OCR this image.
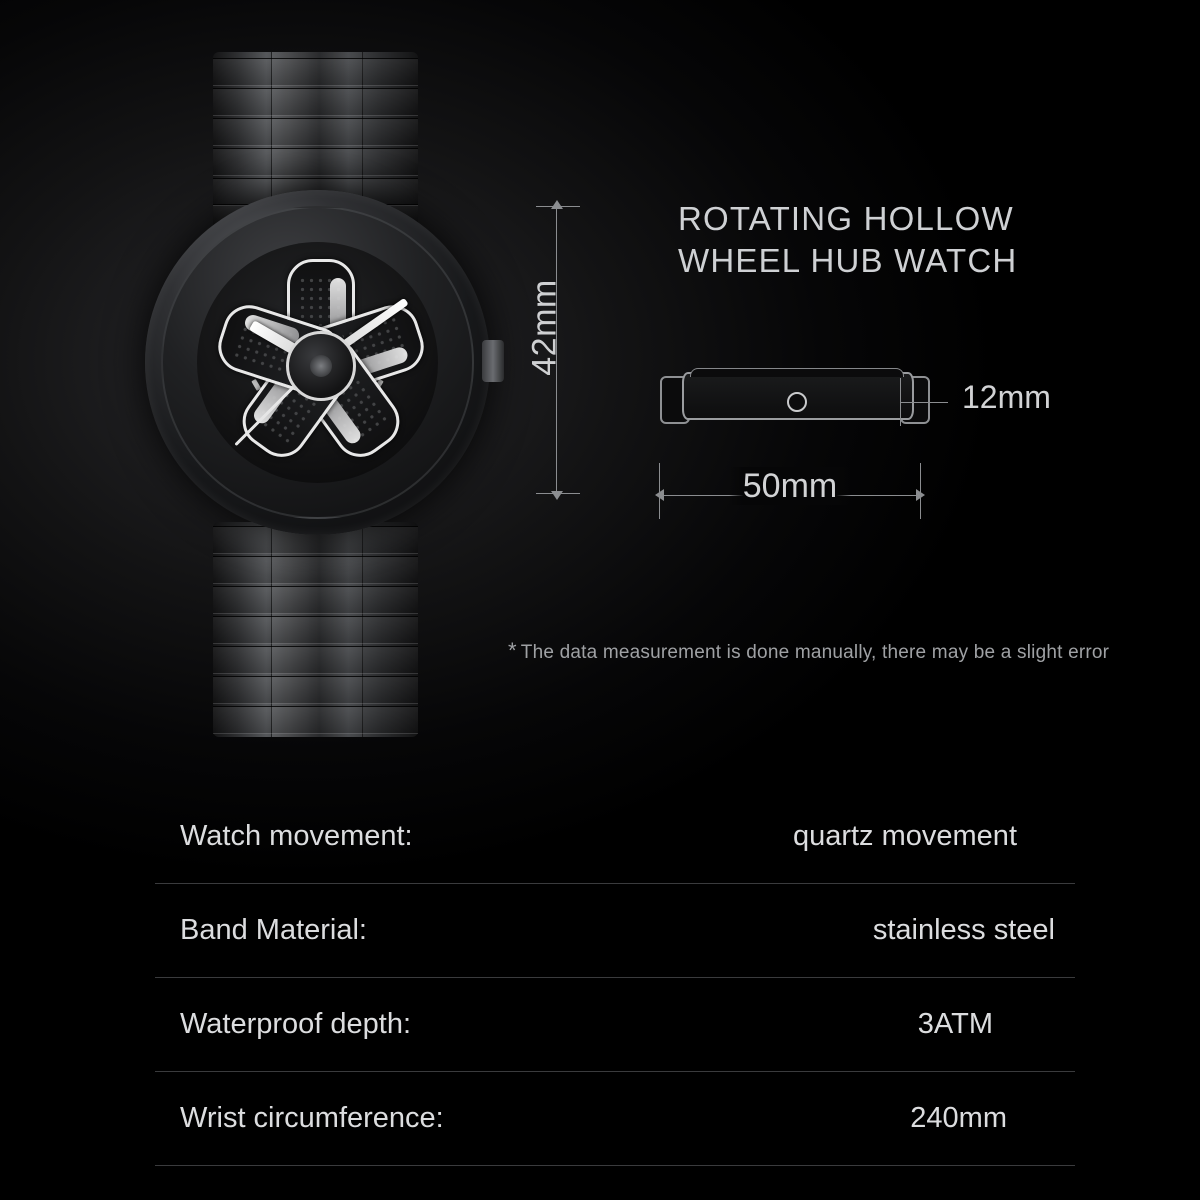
42mm
ROTATING HOLLOW
WHEEL HUB WATCH
12mm
50mm
* The data measurement is done manually, there may be a slight error
Watch movement:	quartz movement
Band Material:	stainless steel
Waterproof depth:	3ATM
Wrist circumference:	240mm
